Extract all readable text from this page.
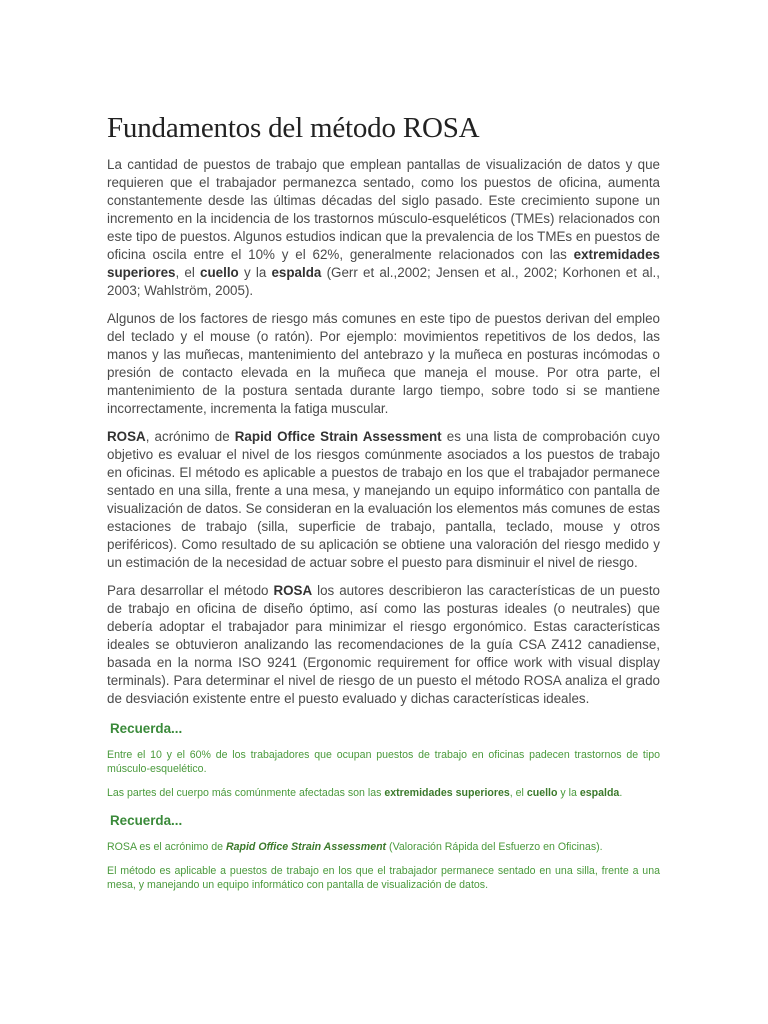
Fundamentos del método ROSA

La cantidad de puestos de trabajo que emplean pantallas de visualización de datos y que requieren que el trabajador permanezca sentado, como los puestos de oficina, aumenta constantemente desde las últimas décadas del siglo pasado. Este crecimiento supone un incremento en la incidencia de los trastornos músculo-esqueléticos (TMEs) relacionados con este tipo de puestos. Algunos estudios indican que la prevalencia de los TMEs en puestos de oficina oscila entre el 10% y el 62%, generalmente relacionados con las extremidades superiores, el cuello y la espalda (Gerr et al.,2002; Jensen et al., 2002; Korhonen et al., 2003; Wahlström, 2005).

Algunos de los factores de riesgo más comunes en este tipo de puestos derivan del empleo del teclado y el mouse (o ratón). Por ejemplo: movimientos repetitivos de los dedos, las manos y las muñecas, mantenimiento del antebrazo y la muñeca en posturas incómodas o presión de contacto elevada en la muñeca que maneja el mouse. Por otra parte, el mantenimiento de la postura sentada durante largo tiempo, sobre todo si se mantiene incorrectamente, incrementa la fatiga muscular.

ROSA, acrónimo de Rapid Office Strain Assessment es una lista de comprobación cuyo objetivo es evaluar el nivel de los riesgos comúnmente asociados a los puestos de trabajo en oficinas. El método es aplicable a puestos de trabajo en los que el trabajador permanece sentado en una silla, frente a una mesa, y manejando un equipo informático con pantalla de visualización de datos. Se consideran en la evaluación los elementos más comunes de estas estaciones de trabajo (silla, superficie de trabajo, pantalla, teclado, mouse y otros periféricos). Como resultado de su aplicación se obtiene una valoración del riesgo medido y un estimación de la necesidad de actuar sobre el puesto para disminuir el nivel de riesgo.

Para desarrollar el método ROSA los autores describieron las características de un puesto de trabajo en oficina de diseño óptimo, así como las posturas ideales (o neutrales) que debería adoptar el trabajador para minimizar el riesgo ergonómico. Estas características ideales se obtuvieron analizando las recomendaciones de la guía CSA Z412 canadiense, basada en la norma ISO 9241 (Ergonomic requirement for office work with visual display terminals). Para determinar el nivel de riesgo de un puesto el método ROSA analiza el grado de desviación existente entre el puesto evaluado y dichas características ideales.

Recuerda...

Entre el 10 y el 60% de los trabajadores que ocupan puestos de trabajo en oficinas padecen trastornos de tipo músculo-esquelético.

Las partes del cuerpo más comúnmente afectadas son las extremidades superiores, el cuello y la espalda.

Recuerda...

ROSA es el acrónimo de Rapid Office Strain Assessment (Valoración Rápida del Esfuerzo en Oficinas).

El método es aplicable a puestos de trabajo en los que el trabajador permanece sentado en una silla, frente a una mesa, y manejando un equipo informático con pantalla de visualización de datos.
